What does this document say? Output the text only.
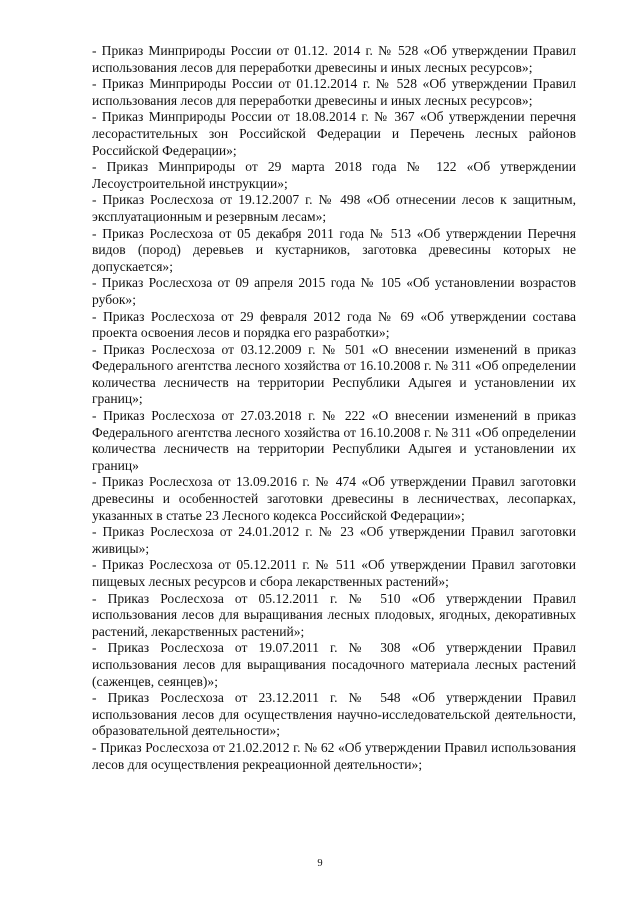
- Приказ Минприроды России от 01.12. 2014 г. № 528 «Об утверждении Правил использования лесов для переработки древесины и иных лесных ресурсов»;

- Приказ Минприроды России от 01.12.2014 г. № 528 «Об утверждении Правил использования лесов для переработки древесины и иных лесных ресурсов»;

- Приказ Минприроды России от 18.08.2014 г. № 367 «Об утверждении перечня лесорастительных зон Российской Федерации и Перечень лесных районов Российской Федерации»;

- Приказ Минприроды от 29 марта 2018 года № 122 «Об утверждении Лесоустроительной инструкции»;

- Приказ Рослесхоза от 19.12.2007 г. № 498 «Об отнесении лесов к защитным, эксплуатационным и резервным лесам»;

- Приказ Рослесхоза от 05 декабря 2011 года № 513 «Об утверждении Перечня видов (пород) деревьев и кустарников, заготовка древесины которых не допускается»;

- Приказ Рослесхоза от 09 апреля 2015 года № 105 «Об установлении возрастов рубок»;

- Приказ Рослесхоза от 29 февраля 2012 года № 69 «Об утверждении состава проекта освоения лесов и порядка его разработки»;

- Приказ Рослесхоза от 03.12.2009 г. № 501 «О внесении изменений в приказ Федерального агентства лесного хозяйства от 16.10.2008 г. № 311 «Об определении количества лесничеств на территории Республики Адыгея и установлении их границ»;

- Приказ Рослесхоза от 27.03.2018 г. № 222 «О внесении изменений в приказ Федерального агентства лесного хозяйства от 16.10.2008 г. № 311 «Об определении количества лесничеств на территории Республики Адыгея и установлении их границ»

- Приказ Рослесхоза от 13.09.2016 г. № 474 «Об утверждении Правил заготовки древесины и особенностей заготовки древесины в лесничествах, лесопарках, указанных в статье 23 Лесного кодекса Российской Федерации»;

- Приказ Рослесхоза от 24.01.2012 г. № 23 «Об утверждении Правил заготовки живицы»;

- Приказ Рослесхоза от 05.12.2011 г. № 511 «Об утверждении Правил заготовки пищевых лесных ресурсов и сбора лекарственных растений»;

- Приказ Рослесхоза от 05.12.2011 г. № 510 «Об утверждении Правил использования лесов для выращивания лесных плодовых, ягодных, декоративных растений, лекарственных растений»;

- Приказ Рослесхоза от 19.07.2011 г. № 308 «Об утверждении Правил использования лесов для выращивания посадочного материала лесных растений (саженцев, сеянцев)»;

- Приказ Рослесхоза от 23.12.2011 г. № 548 «Об утверждении Правил использования лесов для осуществления научно-исследовательской деятельности, образовательной деятельности»;

- Приказ Рослесхоза от 21.02.2012 г. № 62 «Об утверждении Правил использования лесов для осуществления рекреационной деятельности»;

9
